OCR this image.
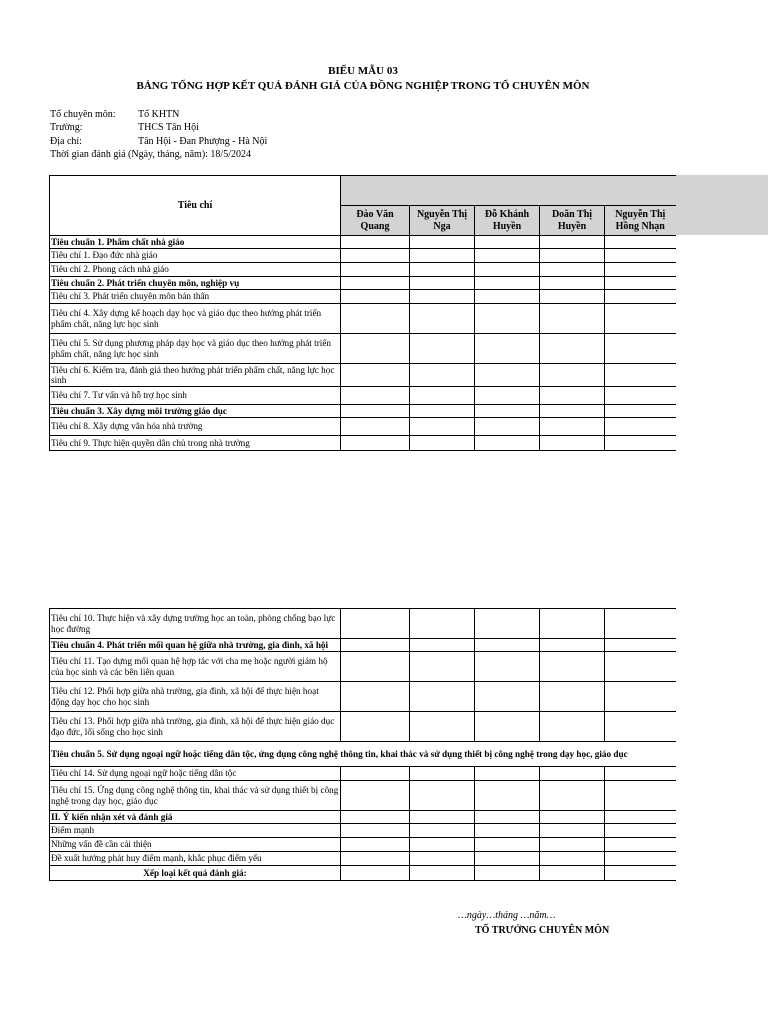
BIỂU MẪU 03
BẢNG TỔNG HỢP KẾT QUẢ ĐÁNH GIÁ CỦA ĐỒNG NGHIỆP TRONG TỔ CHUYÊN MÔN
Tổ chuyên môn: Tổ KHTN
Trường:	THCS Tân Hội
Địa chỉ:	Tân Hội - Đan Phượng - Hà Nội
Thời gian đánh giá (Ngày, tháng, năm): 18/5/2024
Tiêu chí					
	Đào Văn Quang	Nguyễn Thị Nga	Đỗ Khánh Huyền	Doãn Thị Huyền	Nguyễn Thị Hồng Nhạn
Tiêu chuẩn 1. Phẩm chất nhà giáo					
Tiêu chí 1. Đạo đức nhà giáo					
Tiêu chí 2. Phong cách nhà giáo					
Tiêu chuẩn 2. Phát triển chuyên môn, nghiệp vụ					
Tiêu chí 3. Phát triển chuyên môn bản thân					
Tiêu chí 4. Xây dựng kế hoạch dạy học và giáo dục theo hướng phát triển phẩm chất, năng lực học sinh					
Tiêu chí 5. Sử dụng phương pháp dạy học và giáo dục theo hướng phát triển phẩm chất, năng lực học sinh					
Tiêu chí 6. Kiểm tra, đánh giá theo hướng phát triển phẩm chất, năng lực học sinh					
Tiêu chí 7. Tư vấn và hỗ trợ học sinh					
Tiêu chuẩn 3. Xây dựng môi trường giáo dục					
Tiêu chí 8. Xây dựng văn hóa nhà trường					
Tiêu chí 9. Thực hiện quyền dân chủ trong nhà trường					
Tiêu chí 10. Thực hiện và xây dựng trường học an toàn, phòng chống bạo lực học đường					
Tiêu chuẩn 4. Phát triển mối quan hệ giữa nhà trường, gia đình, xã hội					
Tiêu chí 11. Tạo dựng mối quan hệ hợp tác với cha mẹ hoặc người giám hộ của học sinh và các bên liên quan					
Tiêu chí 12. Phối hợp giữa nhà trường, gia đình, xã hội để thực hiện hoạt động dạy học cho học sinh					
Tiêu chí 13. Phối hợp giữa nhà trường, gia đình, xã hội để thực hiện giáo dục đạo đức, lối sống cho học sinh					
Tiêu chuẩn 5. Sử dụng ngoại ngữ hoặc tiếng dân tộc, ứng dụng công nghệ thông tin, khai thác và sử dụng thiết bị công nghệ trong dạy học, giáo dục					
Tiêu chí 14. Sử dụng ngoại ngữ hoặc tiếng dân tộc					
Tiêu chí 15. Ứng dụng công nghệ thông tin, khai thác và sử dụng thiết bị công nghệ trong dạy học, giáo dục					
II. Ý kiến nhận xét và đánh giá					
Điểm mạnh					
Những vấn đề cần cải thiện					
Đề xuất hướng phát huy điểm mạnh, khắc phục điểm yếu					
Xếp loại kết quả đánh giá:					
…ngày…tháng …năm…
TỔ TRƯỞNG CHUYÊN MÔN
